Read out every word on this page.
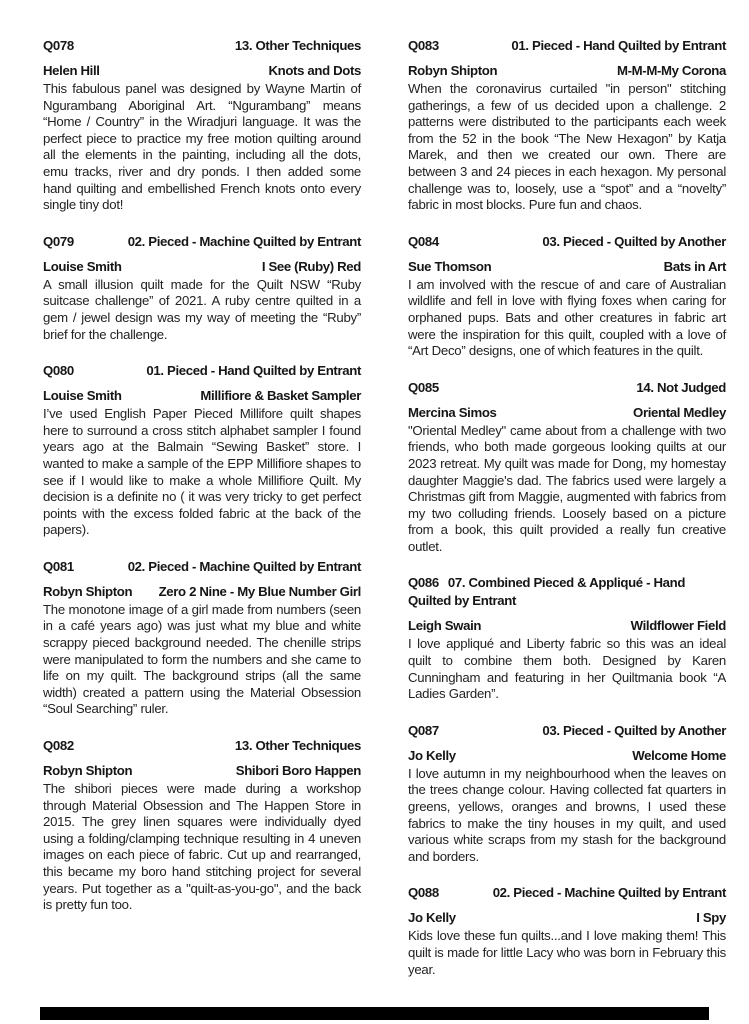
Q078	13. Other Techniques
Helen Hill	Knots and Dots

This fabulous panel was designed by Wayne Martin of Ngurambang Aboriginal Art. “Ngurambang” means “Home / Country” in the Wiradjuri language. It was the perfect piece to practice my free motion quilting around all the elements in the painting, including all the dots, emu tracks, river and dry ponds. I then added some hand quilting and embellished French knots onto every single tiny dot!

Q079	02. Pieced - Machine Quilted by Entrant
Louise Smith	I See (Ruby) Red

A small illusion quilt made for the Quilt NSW “Ruby suitcase challenge” of 2021. A ruby centre quilted in a gem / jewel design was my way of meeting the “Ruby” brief for the challenge.

Q080	01. Pieced - Hand Quilted by Entrant
Louise Smith	Millifiore & Basket Sampler

I’ve used English Paper Pieced Millifore quilt shapes here to surround a cross stitch alphabet sampler I found years ago at the Balmain “Sewing Basket” store. I wanted to make a sample of the EPP Millifiore shapes to see if I would like to make a whole Millifiore Quilt. My decision is a definite no ( it was very tricky to get perfect points with the excess folded fabric at the back of the papers).

Q081	02. Pieced - Machine Quilted by Entrant
Robyn Shipton Zero 2 Nine - My Blue Number Girl

The monotone image of a girl made from numbers (seen in a café years ago) was just what my blue and white scrappy pieced background needed. The chenille strips were manipulated to form the numbers and she came to life on my quilt. The background strips (all the same width) created a pattern using the Material Obsession “Soul Searching” ruler.

Q082	13. Other Techniques
Robyn Shipton	Shibori Boro Happen

The shibori pieces were made during a workshop through Material Obsession and The Happen Store in 2015. The grey linen squares were individually dyed using a folding/clamping technique resulting in 4 uneven images on each piece of fabric. Cut up and rearranged, this became my boro hand stitching project for several years. Put together as a "quilt-as-you-go", and the back is pretty fun too.

Q083	01. Pieced - Hand Quilted by Entrant
Robyn Shipton	M-M-M-My Corona

When the coronavirus curtailed "in person" stitching gatherings, a few of us decided upon a challenge. 2 patterns were distributed to the participants each week from the 52 in the book “The New Hexagon” by Katja Marek, and then we created our own. There are between 3 and 24 pieces in each hexagon. My personal challenge was to, loosely, use a “spot” and a “novelty” fabric in most blocks. Pure fun and chaos.

Q084	03. Pieced - Quilted by Another
Sue Thomson	Bats in Art

I am involved with the rescue of and care of Australian wildlife and fell in love with flying foxes when caring for orphaned pups. Bats and other creatures in fabric art were the inspiration for this quilt, coupled with a love of “Art Deco” designs, one of which features in the quilt.

Q085	14. Not Judged
Mercina Simos	Oriental Medley

"Oriental Medley" came about from a challenge with two friends, who both made gorgeous looking quilts at our 2023 retreat. My quilt was made for Dong, my homestay daughter Maggie's dad. The fabrics used were largely a Christmas gift from Maggie, augmented with fabrics from my two colluding friends. Loosely based on a picture from a book, this quilt provided a really fun creative outlet.

Q086 07. Combined Pieced & Appliqué - Hand Quilted by Entrant
Leigh Swain	Wildflower Field

I love appliqué and Liberty fabric so this was an ideal quilt to combine them both. Designed by Karen Cunningham and featuring in her Quiltmania book “A Ladies Garden”.

Q087	03. Pieced - Quilted by Another
Jo Kelly	Welcome Home

I love autumn in my neighbourhood when the leaves on the trees change colour. Having collected fat quarters in greens, yellows, oranges and browns, I used these fabrics to make the tiny houses in my quilt, and used various white scraps from my stash for the background and borders.

Q088	02. Pieced - Machine Quilted by Entrant
Jo Kelly	I Spy

Kids love these fun quilts...and I love making them! This quilt is made for little Lacy who was born in February this year.
